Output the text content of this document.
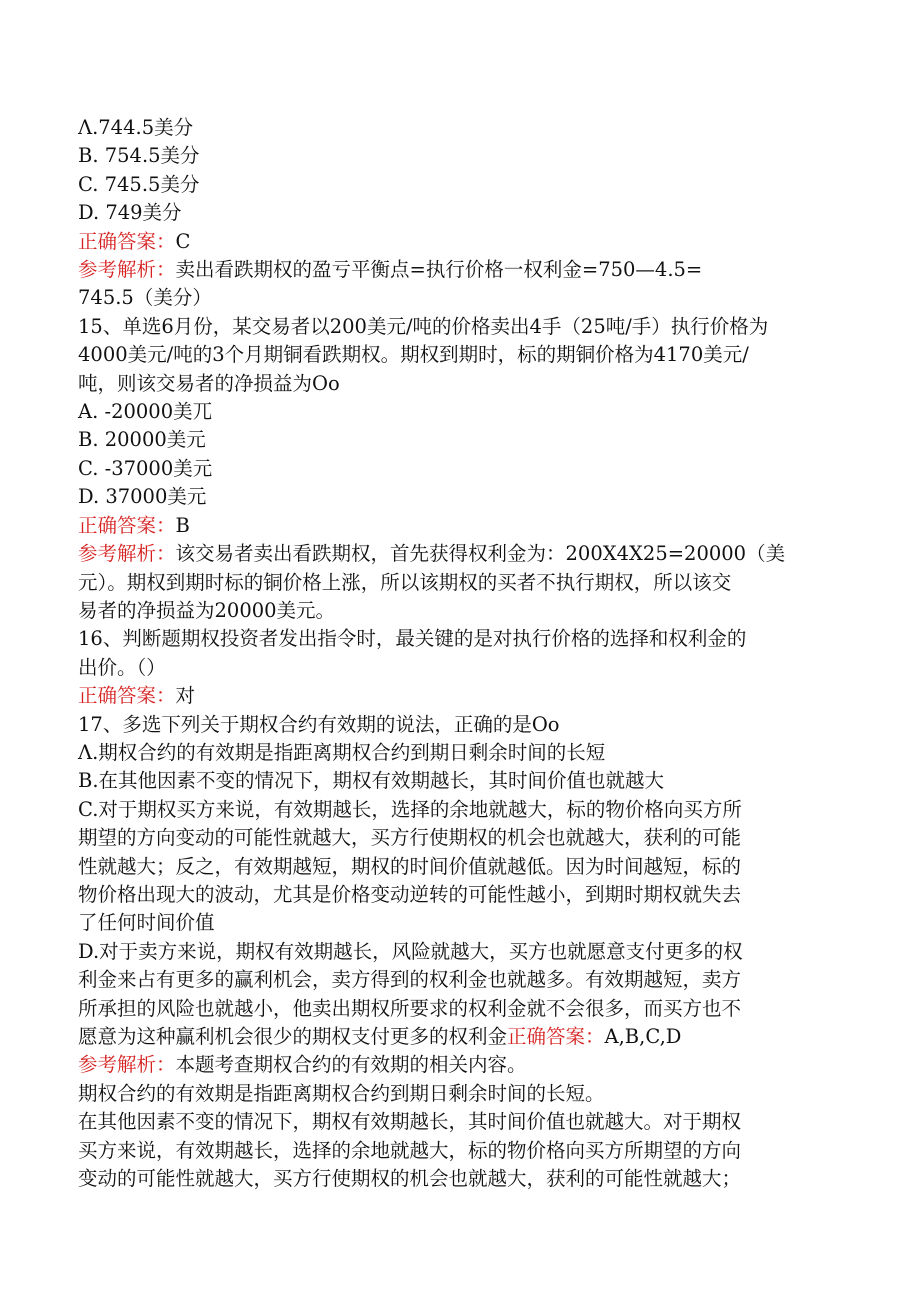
Λ.744.5美分
B. 754.5美分
C. 745.5美分
D. 749美分
正确答案：C
参考解析：卖出看跌期权的盈亏平衡点=执行价格一权利金=750—4.5=
745.5（美分）
15、单选6月份，某交易者以200美元/吨的价格卖出4手（25吨/手）执行价格为
4000美元/吨的3个月期铜看跌期权。期权到期时，标的期铜价格为4170美元/
吨，则该交易者的净损益为Oo
A. -20000美兀
B. 20000美元
C. -37000美元
D. 37000美元
正确答案：B
参考解析：该交易者卖出看跌期权，首先获得权利金为：200X4X25=20000（美
元）。期权到期时标的铜价格上涨，所以该期权的买者不执行期权，所以该交
易者的净损益为20000美元。
16、判断题期权投资者发出指令时，最关键的是对执行价格的选择和权利金的
出价。（）
正确答案：对
17、多选下列关于期权合约有效期的说法，正确的是Oo
Λ.期权合约的有效期是指距离期权合约到期日剩余时间的长短
B.在其他因素不变的情况下，期权有效期越长，其时间价值也就越大
C.对于期权买方来说，有效期越长，选择的余地就越大，标的物价格向买方所
期望的方向变动的可能性就越大，买方行使期权的机会也就越大，获利的可能
性就越大；反之，有效期越短，期权的时间价值就越低。因为时间越短，标的
物价格出现大的波动，尤其是价格变动逆转的可能性越小，到期时期权就失去
了任何时间价值
D.对于卖方来说，期权有效期越长，风险就越大，买方也就愿意支付更多的权
利金来占有更多的赢利机会，卖方得到的权利金也就越多。有效期越短，卖方
所承担的风险也就越小，他卖出期权所要求的权利金就不会很多，而买方也不
愿意为这种赢利机会很少的期权支付更多的权利金正确答案：A,B,C,D
参考解析：本题考查期权合约的有效期的相关内容。
期权合约的有效期是指距离期权合约到期日剩余时间的长短。
在其他因素不变的情况下，期权有效期越长，其时间价值也就越大。对于期权
买方来说，有效期越长，选择的余地就越大，标的物价格向买方所期望的方向
变动的可能性就越大，买方行使期权的机会也就越大，获利的可能性就越大；
